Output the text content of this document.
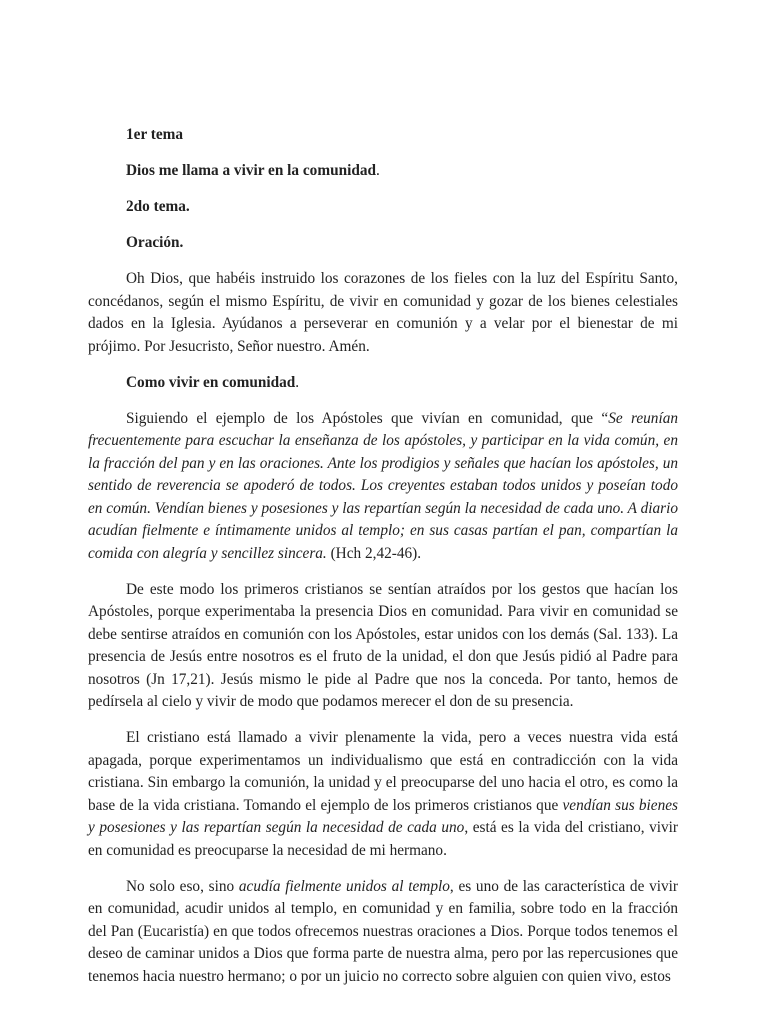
1er tema
Dios me llama a vivir en la comunidad.
2do tema.
Oración.

Oh Dios, que habéis instruido los corazones de los fieles con la luz del Espíritu Santo, concédanos, según el mismo Espíritu, de vivir en comunidad y gozar de los bienes celestiales dados en la Iglesia. Ayúdanos a perseverar en comunión y a velar por el bienestar de mi prójimo. Por Jesucristo, Señor nuestro. Amén.

Como vivir en comunidad.

Siguiendo el ejemplo de los Apóstoles que vivían en comunidad, que “Se reunían frecuentemente para escuchar la enseñanza de los apóstoles, y participar en la vida común, en la fracción del pan y en las oraciones. Ante los prodigios y señales que hacían los apóstoles, un sentido de reverencia se apoderó de todos. Los creyentes estaban todos unidos y poseían todo en común. Vendían bienes y posesiones y las repartían según la necesidad de cada uno. A diario acudían fielmente e íntimamente unidos al templo; en sus casas partían el pan, compartían la comida con alegría y sencillez sincera. (Hch 2,42-46).

De este modo los primeros cristianos se sentían atraídos por los gestos que hacían los Apóstoles, porque experimentaba la presencia Dios en comunidad. Para vivir en comunidad se debe sentirse atraídos en comunión con los Apóstoles, estar unidos con los demás (Sal. 133). La presencia de Jesús entre nosotros es el fruto de la unidad, el don que Jesús pidió al Padre para nosotros (Jn 17,21). Jesús mismo le pide al Padre que nos la conceda. Por tanto, hemos de pedírsela al cielo y vivir de modo que podamos merecer el don de su presencia.

El cristiano está llamado a vivir plenamente la vida, pero a veces nuestra vida está apagada, porque experimentamos un individualismo que está en contradicción con la vida cristiana. Sin embargo la comunión, la unidad y el preocuparse del uno hacia el otro, es como la base de la vida cristiana. Tomando el ejemplo de los primeros cristianos que vendían sus bienes y posesiones y las repartían según la necesidad de cada uno, está es la vida del cristiano, vivir en comunidad es preocuparse la necesidad de mi hermano.

No solo eso, sino acudía fielmente unidos al templo, es uno de las característica de vivir en comunidad, acudir unidos al templo, en comunidad y en familia, sobre todo en la fracción del Pan (Eucaristía) en que todos ofrecemos nuestras oraciones a Dios. Porque todos tenemos el deseo de caminar unidos a Dios que forma parte de nuestra alma, pero por las repercusiones que tenemos hacia nuestro hermano; o por un juicio no correcto sobre alguien con quien vivo, estos
